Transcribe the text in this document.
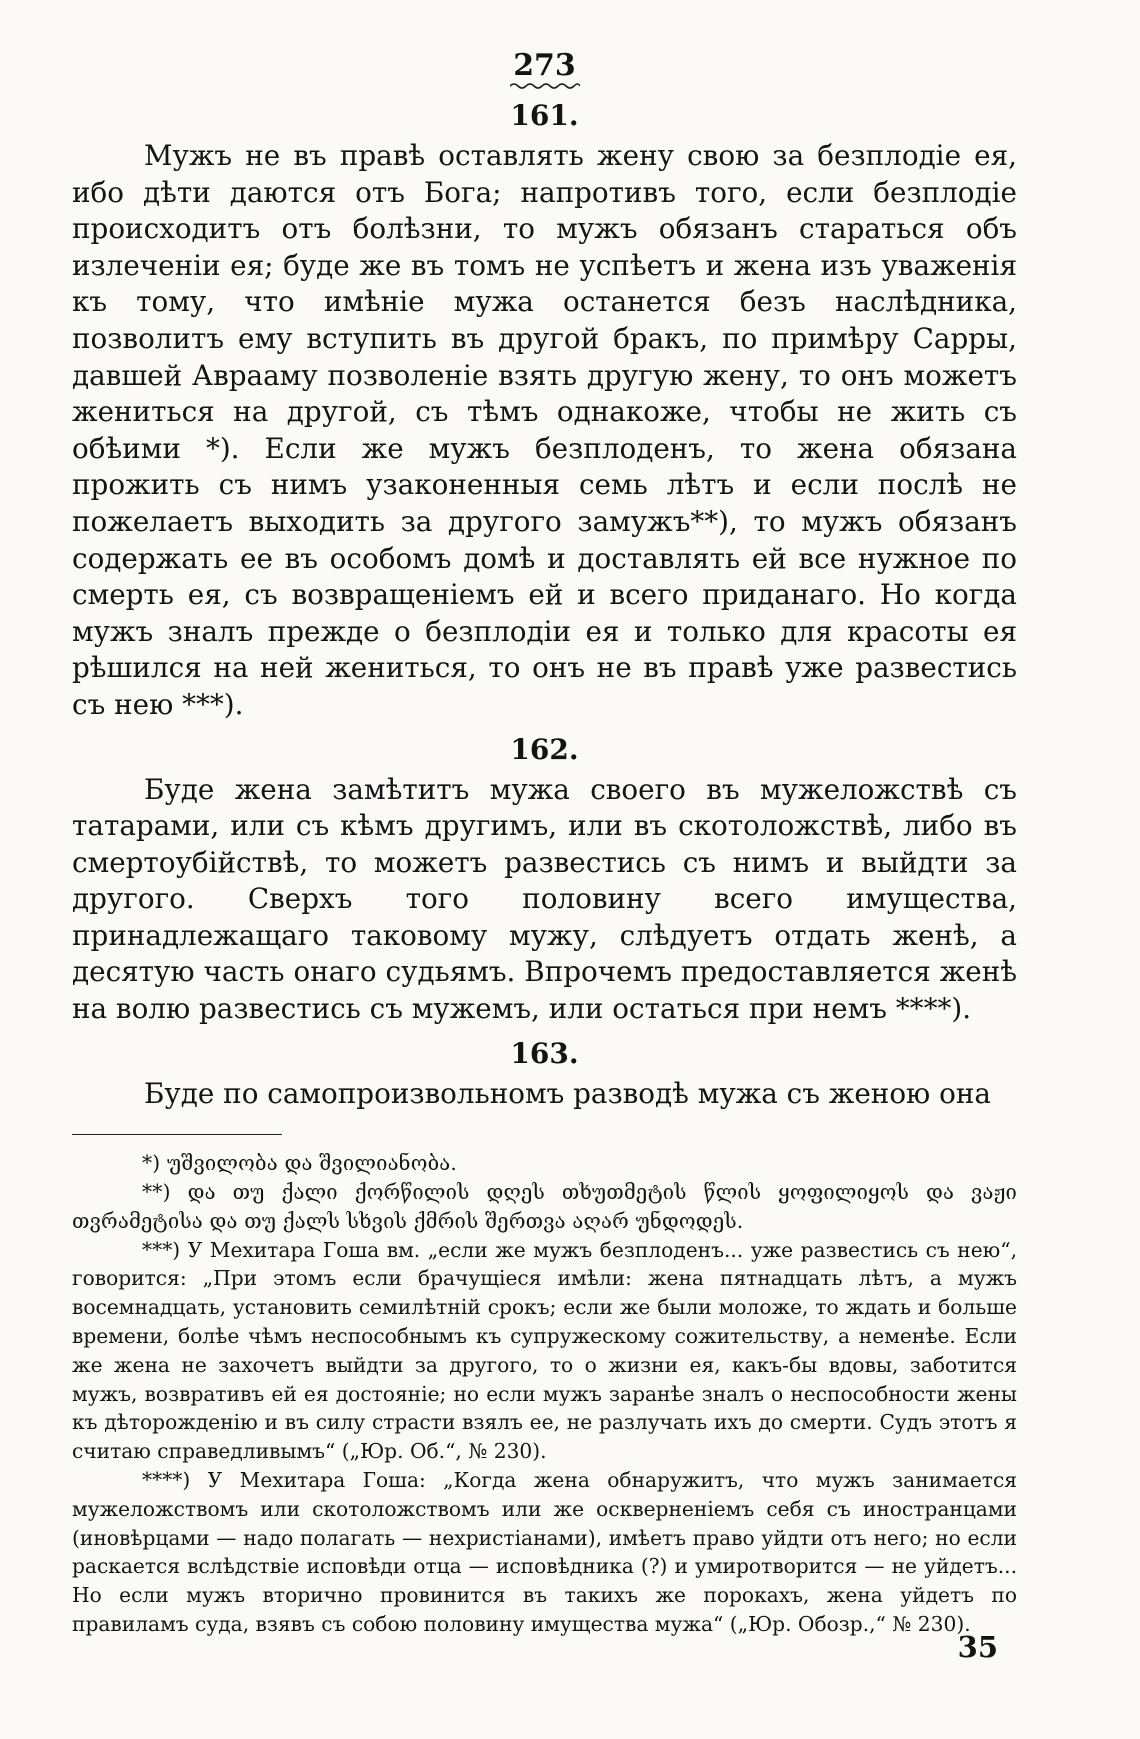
273
161.

Мужъ не въ правѣ оставлять жену свою за безплодіе ея, ибо дѣти даются отъ Бога; напротивъ того, если безплодіе происходитъ отъ болѣзни, то мужъ обязанъ стараться объ излеченіи ея; буде же въ томъ не успѣетъ и жена изъ уваженія къ тому, что имѣніе мужа останется безъ наслѣдника, позволитъ ему вступить въ другой бракъ, по примѣру Сарры, давшей Аврааму позволеніе взять другую жену, то онъ можетъ жениться на другой, съ тѣмъ однакоже, чтобы не жить съ обѣими *). Если же мужъ безплоденъ, то жена обязана прожить съ нимъ узаконенныя семь лѣтъ и если послѣ не пожелаетъ выходить за другого замужъ**), то мужъ обязанъ содержать ее въ особомъ домѣ и доставлять ей все нужное по смерть ея, съ возвращеніемъ ей и всего приданаго. Но когда мужъ зналъ прежде о безплодіи ея и только для красоты ея рѣшился на ней жениться, то онъ не въ правѣ уже развестись съ нею ***).

162.

Буде жена замѣтитъ мужа своего въ мужеложствѣ съ татарами, или съ кѣмъ другимъ, или въ скотоложствѣ, либо въ смертоубійствѣ, то можетъ развестись съ нимъ и выйдти за другого. Сверхъ того половину всего имущества, принадлежащаго таковому мужу, слѣдуетъ отдать женѣ, а десятую часть онаго судьямъ. Впрочемъ предоставляется женѣ на волю развестись съ мужемъ, или остаться при немъ ****).

163.

Буде по самопроизвольномъ разводѣ мужа съ женою она

*) უშვილობა და შვილიანობა.

**) და თუ ქალი ქორწილის დღეს თხუთმეტის წლის ყოფილიყოს და ვაჟი თვრამეტისა და თუ ქალს სხვის ქმრის შერთვა აღარ უნდოდეს.

***) У Мехитара Гоша вм. „если же мужъ безплоденъ... уже развестись съ нею“, говорится: „При этомъ если брачущіеся имѣли: жена пятнадцать лѣтъ, а мужъ восемнадцать, установить семилѣтній срокъ; если же были моложе, то ждать и больше времени, болѣе чѣмъ неспособнымъ къ супружескому сожительству, а неменѣе. Если же жена не захочетъ выйдти за другого, то о жизни ея, какъ-бы вдовы, заботится мужъ, возвративъ ей ея достояніе; но если мужъ заранѣе зналъ о неспособности жены къ дѣторожденію и въ силу страсти взялъ ее, не разлучать ихъ до смерти. Судъ этотъ я считаю справедливымъ“ („Юр. Об.“, № 230).

****) У Мехитара Гоша: „Когда жена обнаружитъ, что мужъ занимается мужеложствомъ или скотоложствомъ или же оскверненіемъ себя съ иностранцами (иновѣрцами — надо полагать — нехристіанами), имѣетъ право уйдти отъ него; но если раскается вслѣдствіе исповѣди отца — исповѣдника (?) и умиротворится — не уйдетъ... Но если мужъ вторично провинится въ такихъ же порокахъ, жена уйдетъ по правиламъ суда, взявъ съ собою половину имущества мужа“ („Юр. Обозр.,“ № 230).

35
